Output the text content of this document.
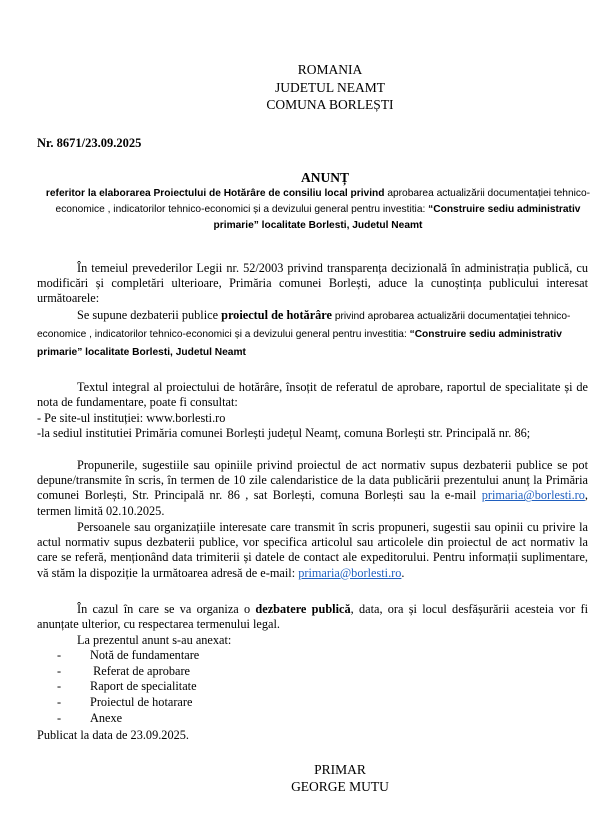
ROMANIA
JUDETUL NEAMT
COMUNA BORLEȘTI
Nr. 8671/23.09.2025
ANUNȚ
referitor la elaborarea Proiectului de Hotărâre de consiliu local privind aprobarea actualizării documentației tehnico-economice , indicatorilor tehnico-economici și a devizului general pentru investitia: “Construire sediu administrativ primarie” localitate Borlesti, Judetul Neamt
În temeiul prevederilor Legii nr. 52/2003 privind transparența decizională în administrația publică, cu modificări și completări ulterioare, Primăria comunei Borlești, aduce la cunoștința publicului interesat următoarele:
Se supune dezbaterii publice proiectul de hotărâre privind aprobarea actualizării documentației tehnico-economice , indicatorilor tehnico-economici și a devizului general pentru investitia: “Construire sediu administrativ primarie” localitate Borlesti, Judetul Neamt
Textul integral al proiectului de hotărâre, însoțit de referatul de aprobare, raportul de specialitate și de nota de fundamentare, poate fi consultat:
- Pe site-ul instituției: www.borlesti.ro
-la sediul institutiei Primăria comunei Borlești județul Neamț, comuna Borlești str. Principală nr. 86;
Propunerile, sugestiile sau opiniile privind proiectul de act normativ supus dezbaterii publice se pot depune/transmite în scris, în termen de 10 zile calendaristice de la data publicării prezentului anunț la Primăria comunei Borlești, Str. Principală nr. 86 , sat Borlești, comuna Borlești sau la e-mail primaria@borlesti.ro, termen limită 02.10.2025.
Persoanele sau organizațiile interesate care transmit în scris propuneri, sugestii sau opinii cu privire la actul normativ supus dezbaterii publice, vor specifica articolul sau articolele din proiectul de act normativ la care se referă, menționând data trimiterii și datele de contact ale expeditorului. Pentru informații suplimentare, vă stăm la dispoziție la următoarea adresă de e-mail: primaria@borlesti.ro.
În cazul în care se va organiza o dezbatere publică, data, ora și locul desfășurării acesteia vor fi anunțate ulterior, cu respectarea termenului legal.
La prezentul anunt s-au anexat:
- Notă de fundamentare
- Referat de aprobare
- Raport de specialitate
- Proiectul de hotarare
- Anexe
Publicat la data de 23.09.2025.
PRIMAR
GEORGE MUTU
